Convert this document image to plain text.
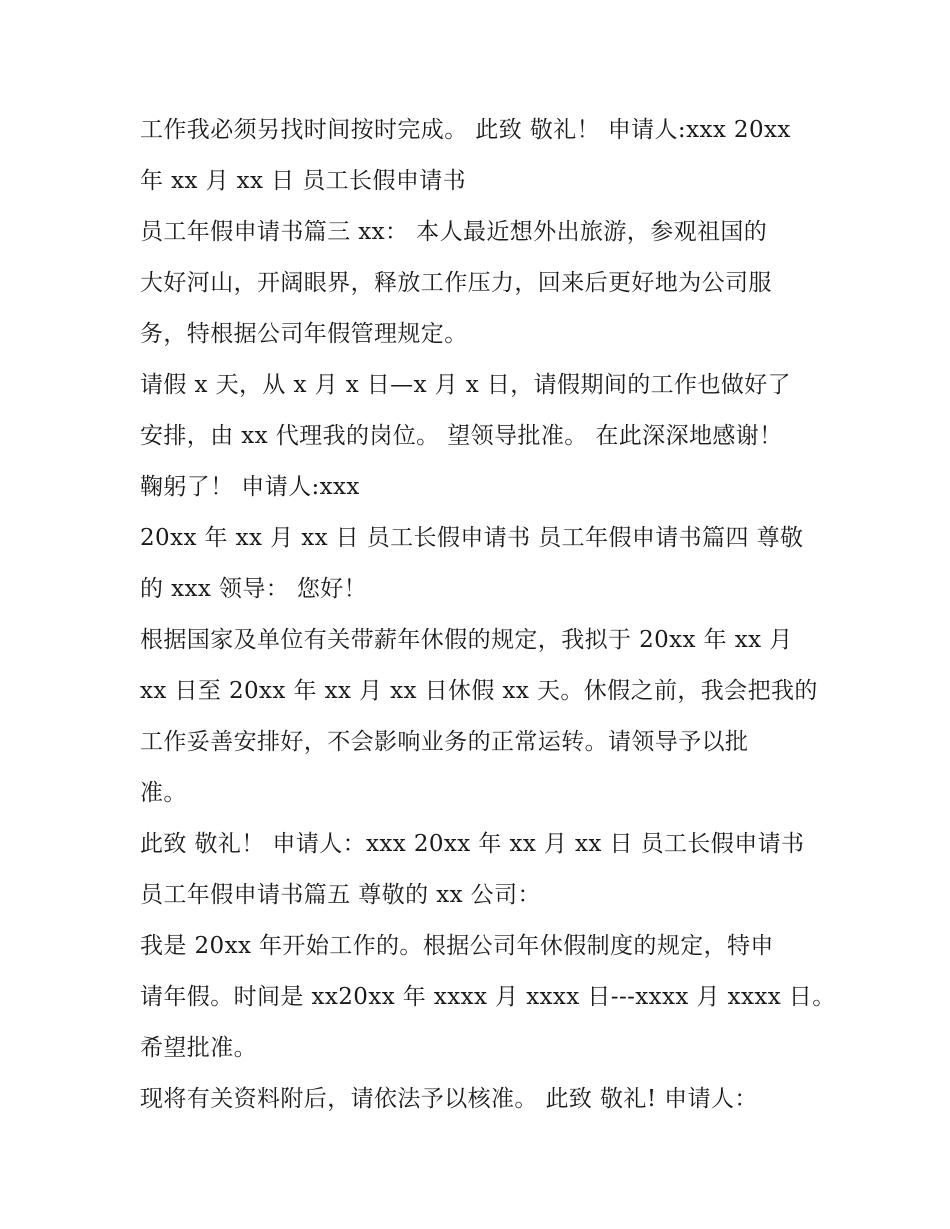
工作我必须另找时间按时完成。 此致 敬礼！ 申请人:xxx 20xx
年 xx 月 xx 日 员工长假申请书
员工年假申请书篇三 xx： 本人最近想外出旅游，参观祖国的
大好河山，开阔眼界，释放工作压力，回来后更好地为公司服
务，特根据公司年假管理规定。
请假 x 天，从 x 月 x 日—x 月 x 日，请假期间的工作也做好了
安排，由 xx 代理我的岗位。 望领导批准。 在此深深地感谢！
鞠躬了！ 申请人:xxx
20xx 年 xx 月 xx 日 员工长假申请书 员工年假申请书篇四 尊敬
的 xxx 领导： 您好！
根据国家及单位有关带薪年休假的规定，我拟于 20xx 年 xx 月
xx 日至 20xx 年 xx 月 xx 日休假 xx 天。休假之前，我会把我的
工作妥善安排好，不会影响业务的正常运转。请领导予以批
准。
此致 敬礼！ 申请人：xxx 20xx 年 xx 月 xx 日 员工长假申请书
员工年假申请书篇五 尊敬的 xx 公司：
我是 20xx 年开始工作的。根据公司年休假制度的规定，特申
请年假。时间是 xx20xx 年 xxxx 月 xxxx 日---xxxx 月 xxxx 日。
希望批准。
现将有关资料附后，请依法予以核准。 此致 敬礼! 申请人：
